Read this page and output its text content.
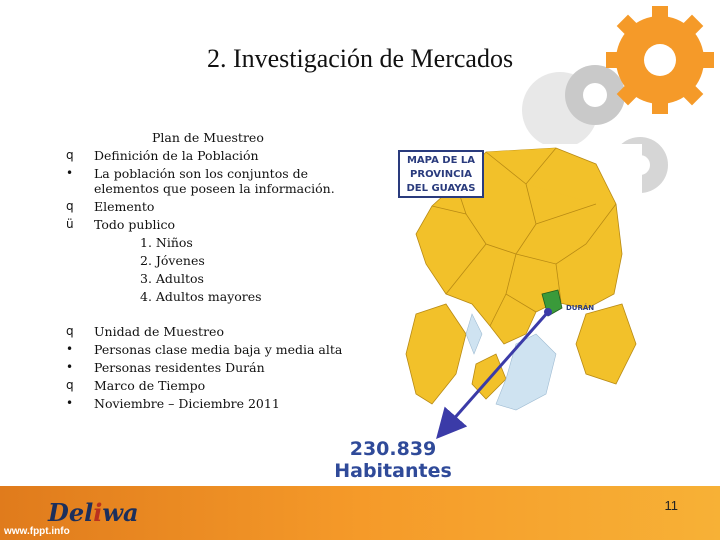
2. Investigación de Mercados
Plan de Muestreo
q Definición de la Población
• La población son los conjuntos de
elementos que poseen la información.
q Elemento
ü Todo publico
1. Niños
2. Jóvenes
3. Adultos
4. Adultos mayores
q Unidad de Muestreo
• Personas clase media baja y media alta
• Personas residentes Durán
q Marco de Tiempo
• Noviembre – Diciembre 2011
MAPA DE LA
PROVINCIA
DEL GUAYAS
DURÁN
230.839
Habitantes
Deliwa
www.fppt.info
11
